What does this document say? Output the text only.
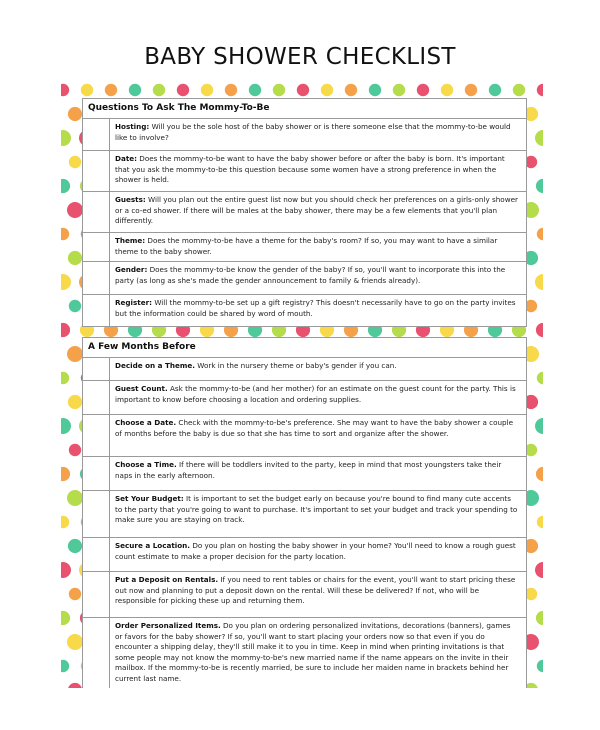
BABY SHOWER CHECKLIST
Questions To Ask The Mommy-To-Be
Hosting: Will you be the sole host of the baby shower or is there someone else that the mommy-to-be would like to involve?
Date: Does the mommy-to-be want to have the baby shower before or after the baby is born. It's important that you ask the mommy-to-be this question because some women have a strong preference in when the shower is held.
Guests: Will you plan out the entire guest list now but you should check her preferences on a girls-only shower or a co-ed shower. If there will be males at the baby shower, there may be a few elements that you'll plan differently.
Theme: Does the mommy-to-be have a theme for the baby's room? If so, you may want to have a similar theme to the baby shower.
Gender: Does the mommy-to-be know the gender of the baby? If so, you'll want to incorporate this into the party (as long as she's made the gender announcement to family & friends already).
Register: Will the mommy-to-be set up a gift registry? This doesn't necessarily have to go on the party invites but the information could be shared by word of mouth.
A Few Months Before
Decide on a Theme. Work in the nursery theme or baby's gender if you can.
Guest Count. Ask the mommy-to-be (and her mother) for an estimate on the guest count for the party. This is important to know before choosing a location and ordering supplies.
Choose a Date. Check with the mommy-to-be's preference. She may want to have the baby shower a couple of months before the baby is due so that she has time to sort and organize after the shower.
Choose a Time. If there will be toddlers invited to the party, keep in mind that most youngsters take their naps in the early afternoon.
Set Your Budget: It is important to set the budget early on because you're bound to find many cute accents to the party that you're going to want to purchase. It's important to set your budget and track your spending to make sure you are staying on track.
Secure a Location. Do you plan on hosting the baby shower in your home? You'll need to know a rough guest count estimate to make a proper decision for the party location.
Put a Deposit on Rentals. If you need to rent tables or chairs for the event, you'll want to start pricing these out now and planning to put a deposit down on the rental. Will these be delivered? If not, who will be responsible for picking these up and returning them.
Order Personalized Items. Do you plan on ordering personalized invitations, decorations (banners), games or favors for the baby shower? If so, you'll want to start placing your orders now so that even if you do encounter a shipping delay, they'll still make it to you in time. Keep in mind when printing invitations is that some people may not know the mommy-to-be's new married name if the name appears on the invite in their mailbox. If the mommy-to-be is recently married, be sure to include her maiden name in brackets behind her current last name.
